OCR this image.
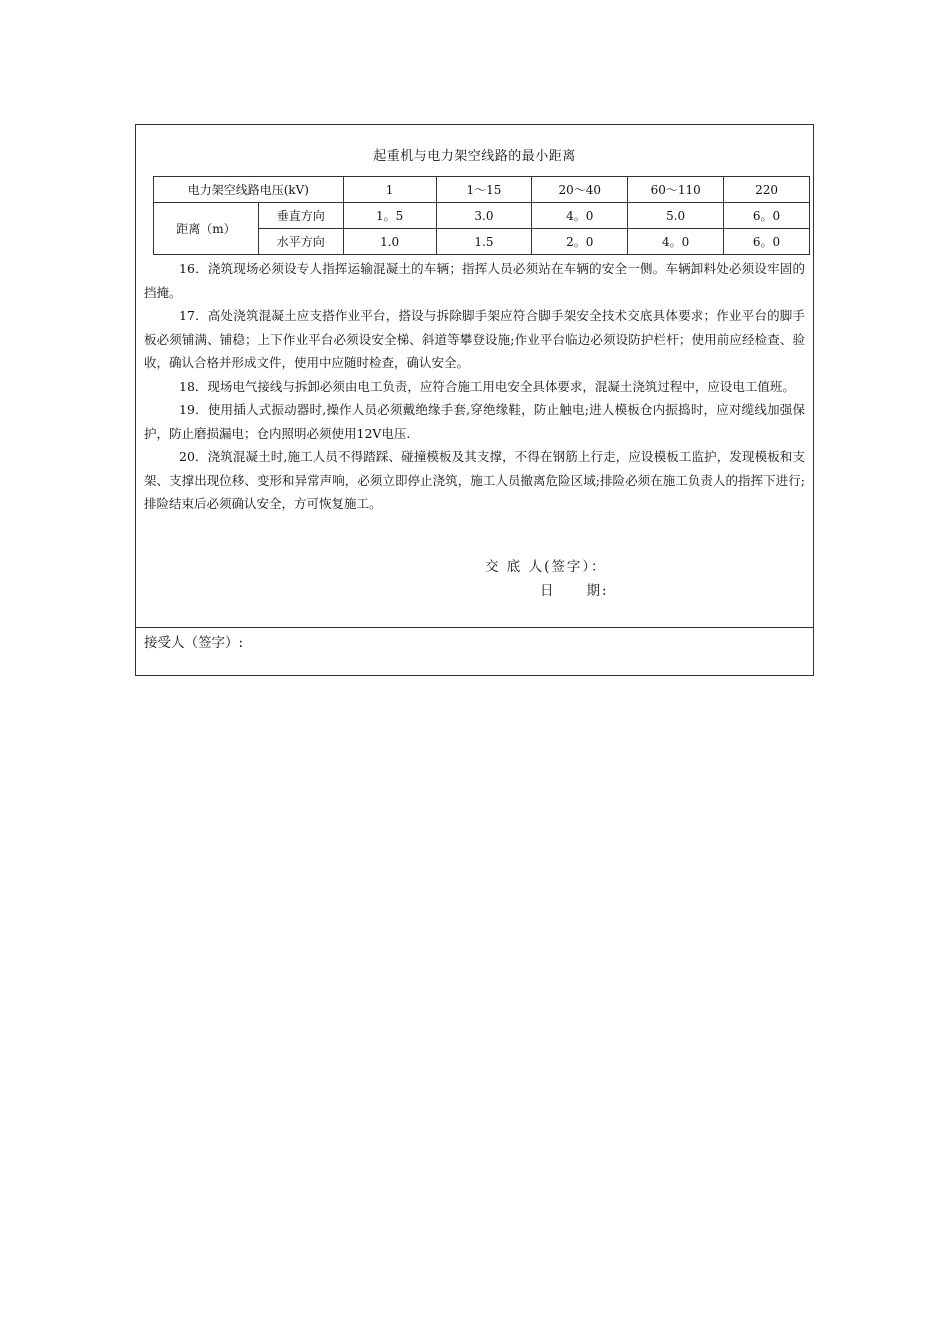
起重机与电力架空线路的最小距离
电力架空线路电压(kV)		1	1～15	20～40	60～110	220
距离（m）	垂直方向	1。5	3.0	4。0	5.0	6。0
	水平方向	1.0	1.5	2。0	4。0	6。0

16．浇筑现场必须设专人指挥运输混凝土的车辆；指挥人员必须站在车辆的安全一侧。车辆卸料处必须设牢固的挡掩。

17．高处浇筑混凝土应支搭作业平台，搭设与拆除脚手架应符合脚手架安全技术交底具体要求；作业平台的脚手板必须铺满、铺稳；上下作业平台必须设安全梯、斜道等攀登设施;作业平台临边必须设防护栏杆；使用前应经检查、验收，确认合格并形成文件，使用中应随时检查，确认安全。

18．现场电气接线与拆卸必须由电工负责，应符合施工用电安全具体要求，混凝土浇筑过程中，应设电工值班。

19．使用插人式振动器时,操作人员必须戴绝缘手套,穿绝缘鞋，防止触电;进人模板仓内振捣时，应对缆线加强保护，防止磨损漏电；仓内照明必须使用12V电压.

20．浇筑混凝土时,施工人员不得踏踩、碰撞模板及其支撑，不得在钢筋上行走，应设模板工监护，发现模板和支架、支撑出现位移、变形和异常声响，必须立即停止浇筑，施工人员撤离危险区域;排险必须在施工负责人的指挥下进行;排险结束后必须确认安全，方可恢复施工。

交 底 人(签字）：
日　　期:
接受人（签字）:
